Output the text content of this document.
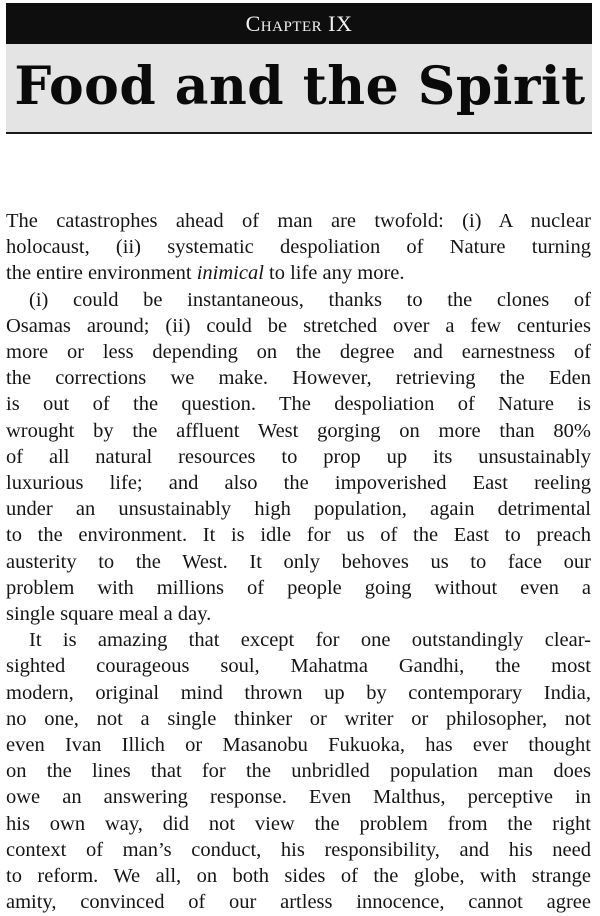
Chapter IX
Food and the Spirit

The catastrophes ahead of man are twofold: (i) A nuclear

holocaust, (ii) systematic despoliation of Nature turning

the entire environment inimical to life any more.

(i) could be instantaneous, thanks to the clones of

Osamas around; (ii) could be stretched over a few centuries

more or less depending on the degree and earnestness of

the corrections we make. However, retrieving the Eden

is out of the question. The despoliation of Nature is

wrought by the affluent West gorging on more than 80%

of all natural resources to prop up its unsustainably

luxurious life; and also the impoverished East reeling

under an unsustainably high population, again detrimental

to the environment. It is idle for us of the East to preach

austerity to the West. It only behoves us to face our

problem with millions of people going without even a

single square meal a day.

It is amazing that except for one outstandingly clear-

sighted courageous soul, Mahatma Gandhi, the most

modern, original mind thrown up by contemporary India,

no one, not a single thinker or writer or philosopher, not

even Ivan Illich or Masanobu Fukuoka, has ever thought

on the lines that for the unbridled population man does

owe an answering response. Even Malthus, perceptive in

his own way, did not view the problem from the right

context of man’s conduct, his responsibility, and his need

to reform. We all, on both sides of the globe, with strange

amity, convinced of our artless innocence, cannot agree
